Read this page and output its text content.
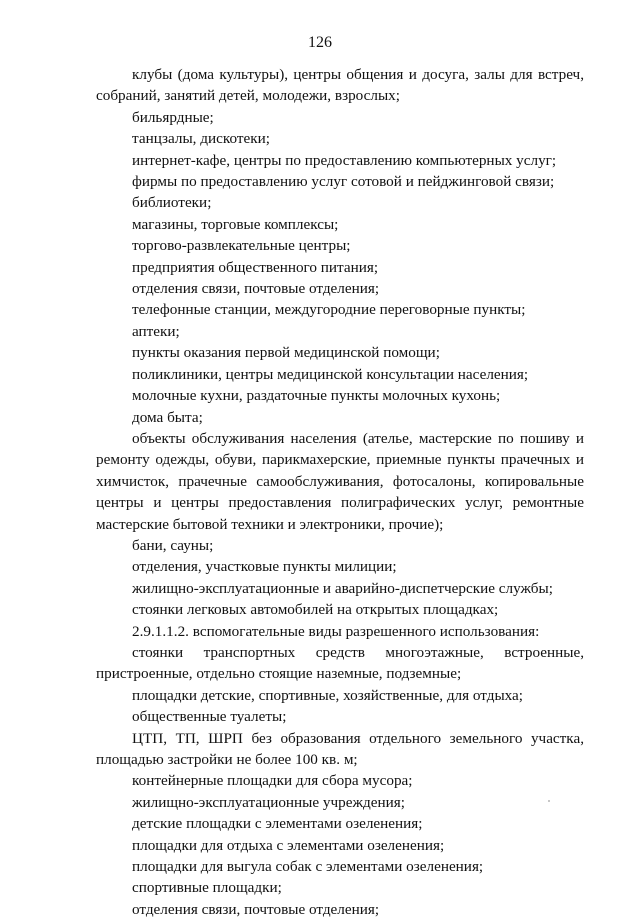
126

клубы (дома культуры), центры общения и досуга, залы для встреч, собраний, занятий детей, молодежи, взрослых;

бильярдные;

танцзалы, дискотеки;

интернет-кафе, центры по предоставлению компьютерных услуг;

фирмы по предоставлению услуг сотовой и пейджинговой связи;

библиотеки;

магазины, торговые комплексы;

торгово-развлекательные центры;

предприятия общественного питания;

отделения связи, почтовые отделения;

телефонные станции, междугородние переговорные пункты;

аптеки;

пункты оказания первой медицинской помощи;

поликлиники, центры медицинской консультации населения;

молочные кухни, раздаточные пункты молочных кухонь;

дома быта;

объекты обслуживания населения (ателье, мастерские по пошиву и ремонту одежды, обуви, парикмахерские, приемные пункты прачечных и химчисток, прачечные самообслуживания, фотосалоны, копировальные центры и центры предоставления полиграфических услуг, ремонтные мастерские бытовой техники и электроники, прочие);

бани, сауны;

отделения, участковые пункты милиции;

жилищно-эксплуатационные и аварийно-диспетчерские службы;

стоянки легковых автомобилей на открытых площадках;

2.9.1.1.2. вспомогательные виды разрешенного использования:

стоянки транспортных средств многоэтажные, встроенные, пристроенные, отдельно стоящие наземные, подземные;

площадки детские, спортивные, хозяйственные, для отдыха;

общественные туалеты;

ЦТП, ТП, ШРП без образования отдельного земельного участка, площадью застройки не более 100 кв. м;

контейнерные площадки для сбора мусора;

жилищно-эксплуатационные учреждения;

детские площадки с элементами озеленения;

площадки для отдыха с элементами озеленения;

площадки для выгула собак с элементами озеленения;

спортивные площадки;

отделения связи, почтовые отделения;
